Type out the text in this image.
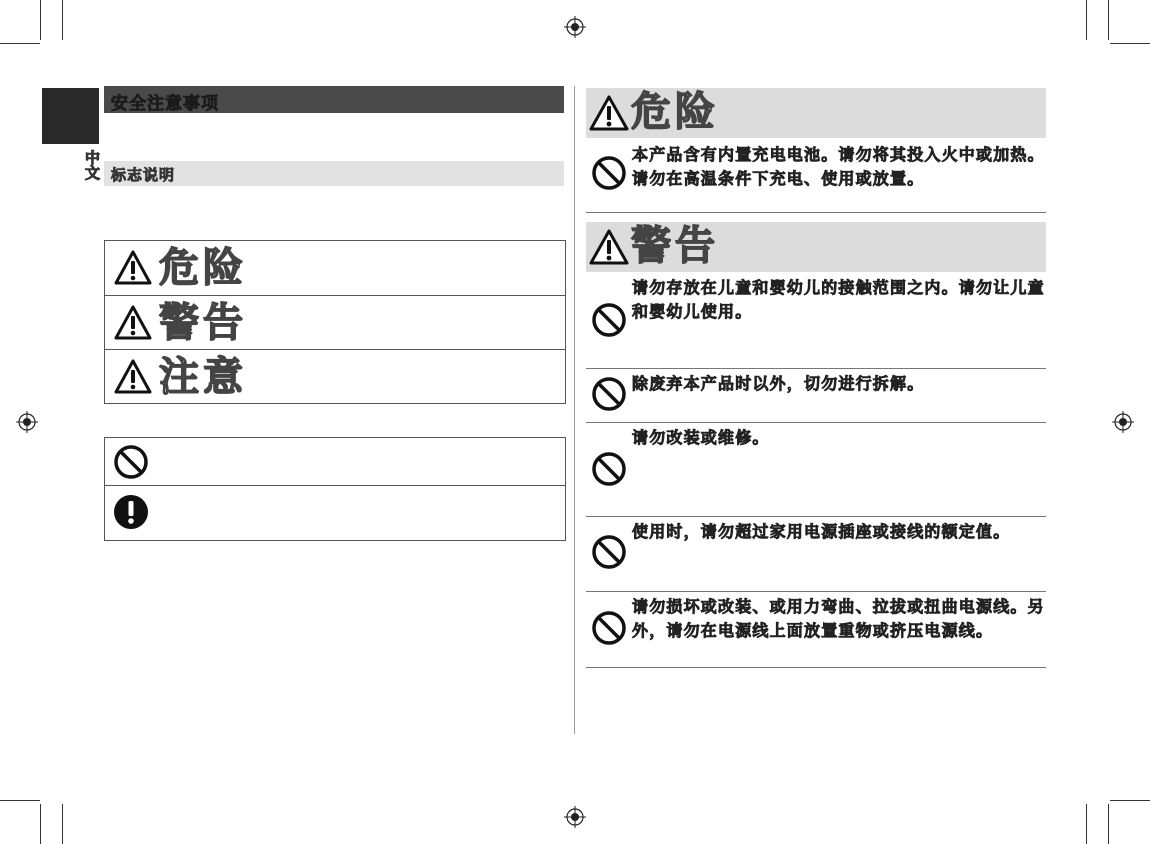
中文
安全注意事项
标志说明
危险
警告
注意
危险
本产品含有内置充电电池。请勿将其投入火中或加热。请勿在高温条件下充电、使用或放置。
警告
请勿存放在儿童和婴幼儿的接触范围之内。请勿让儿童和婴幼儿使用。
除废弃本产品时以外，切勿进行拆解。
请勿改装或维修。
使用时，请勿超过家用电源插座或接线的额定值。
请勿损坏或改装、或用力弯曲、拉拔或扭曲电源线。另外，请勿在电源线上面放置重物或挤压电源线。
